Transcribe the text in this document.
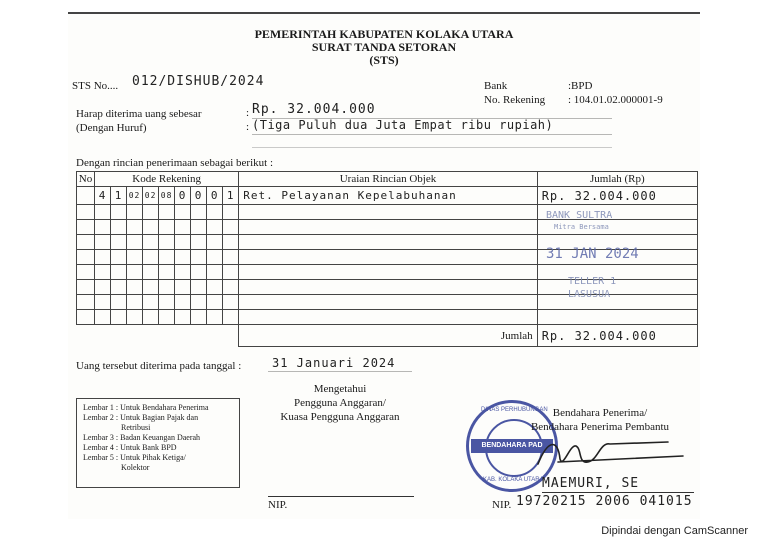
PEMERINTAH KABUPATEN KOLAKA UTARA
SURAT TANDA SETORAN
(STS)
STS No....	012/DISHUB/2024	Bank	:BPD
No. Rekening : 104.01.02.000001-9
Harap diterima uang sebesar	: Rp. 32.004.000
(Dengan Huruf)	: (Tiga Puluh dua Juta Empat ribu rupiah)
Dengan rincian penerimaan sebagai berikut :
No	Kode Rekening									Uraian Rincian Objek	Jumlah (Rp)
	4	1	02	02	08	0	0	0	1	Ret. Pelayanan Kepelabuhanan	Rp. 32.004.000

										Jumlah	Rp. 32.004.000
BANK SULTRA
Mitra Bersama
31 JAN 2024
TELLER 1
LASUSUA
Uang tersebut diterima pada tanggal :	31 Januari 2024
Lembar 1 : Untuk Bendahara Penerima
Lembar 2 : Untuk Bagian Pajak dan
Retribusi
Lembar 3 : Badan Keuangan Daerah
Lembar 4 : Untuk Bank BPD
Lembar 5 : Untuk Pihak Ketiga/
Kolektor
Mengetahui
Pengguna Anggaran/
Kuasa Pengguna Anggaran
NIP.
DINAS PERHUBUNGAN
BENDAHARA PAD
KAB. KOLAKA UTARA
Bendahara Penerima/
Bendahara Penerima Pembantu
MAEMURI, SE
NIP. 19720215 2006 041015
Dipindai dengan CamScanner
